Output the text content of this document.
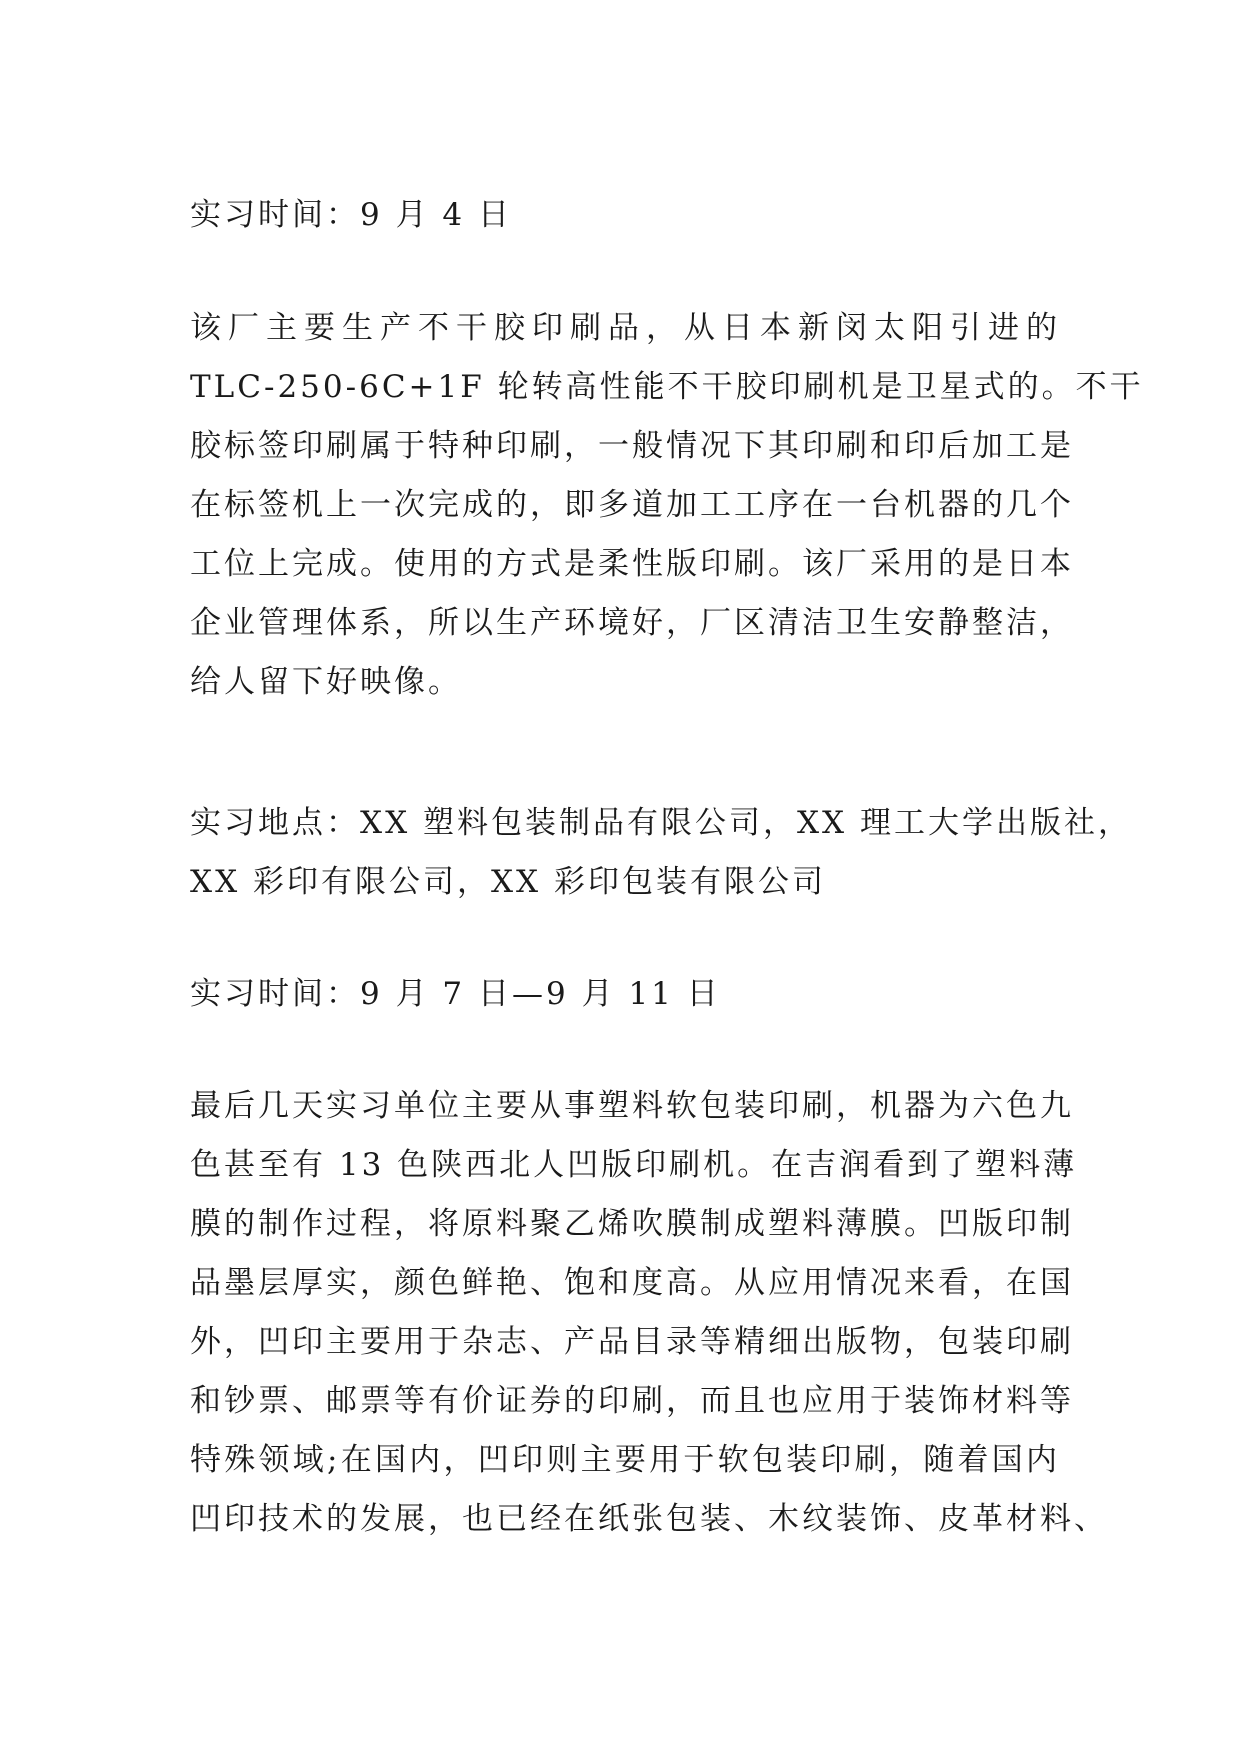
实习时间：9 月 4 日
该厂主要生产不干胶印刷品，从日本新闵太阳引进的
TLC-250-6C+1F 轮转高性能不干胶印刷机是卫星式的。不干
胶标签印刷属于特种印刷，一般情况下其印刷和印后加工是
在标签机上一次完成的，即多道加工工序在一台机器的几个
工位上完成。使用的方式是柔性版印刷。该厂采用的是日本
企业管理体系，所以生产环境好，厂区清洁卫生安静整洁，
给人留下好映像。
实习地点：XX 塑料包装制品有限公司，XX 理工大学出版社，
XX 彩印有限公司，XX 彩印包装有限公司
实习时间：9 月 7 日—9 月 11 日
最后几天实习单位主要从事塑料软包装印刷，机器为六色九
色甚至有 13 色陕西北人凹版印刷机。在吉润看到了塑料薄
膜的制作过程，将原料聚乙烯吹膜制成塑料薄膜。凹版印制
品墨层厚实，颜色鲜艳、饱和度高。从应用情况来看，在国
外，凹印主要用于杂志、产品目录等精细出版物，包装印刷
和钞票、邮票等有价证券的印刷，而且也应用于装饰材料等
特殊领域;在国内，凹印则主要用于软包装印刷，随着国内
凹印技术的发展，也已经在纸张包装、木纹装饰、皮革材料、
